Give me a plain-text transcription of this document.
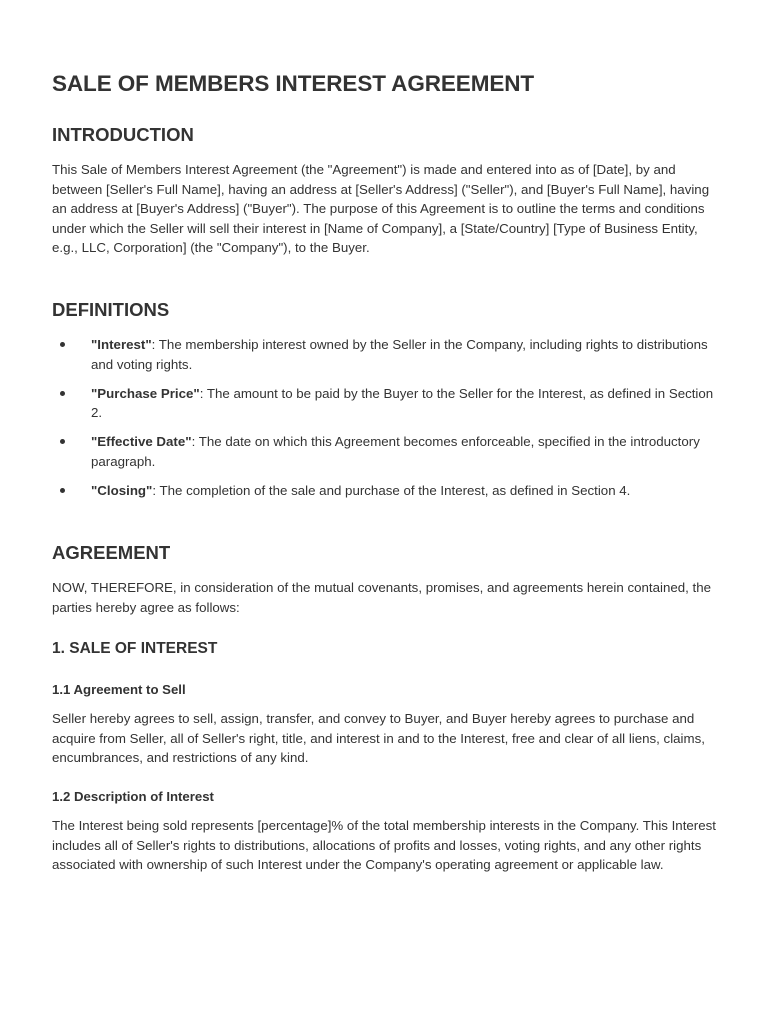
SALE OF MEMBERS INTEREST AGREEMENT
INTRODUCTION

This Sale of Members Interest Agreement (the "Agreement") is made and entered into as of [Date], by and between [Seller's Full Name], having an address at [Seller's Address] ("Seller"), and [Buyer's Full Name], having an address at [Buyer's Address] ("Buyer"). The purpose of this Agreement is to outline the terms and conditions under which the Seller will sell their interest in [Name of Company], a [State/Country] [Type of Business Entity, e.g., LLC, Corporation] (the "Company"), to the Buyer.

DEFINITIONS
"Interest": The membership interest owned by the Seller in the Company, including rights to distributions and voting rights.
"Purchase Price": The amount to be paid by the Buyer to the Seller for the Interest, as defined in Section 2.
"Effective Date": The date on which this Agreement becomes enforceable, specified in the introductory paragraph.
"Closing": The completion of the sale and purchase of the Interest, as defined in Section 4.
AGREEMENT

NOW, THEREFORE, in consideration of the mutual covenants, promises, and agreements herein contained, the parties hereby agree as follows:

1. SALE OF INTEREST
1.1 Agreement to Sell

Seller hereby agrees to sell, assign, transfer, and convey to Buyer, and Buyer hereby agrees to purchase and acquire from Seller, all of Seller's right, title, and interest in and to the Interest, free and clear of all liens, claims, encumbrances, and restrictions of any kind.

1.2 Description of Interest

The Interest being sold represents [percentage]% of the total membership interests in the Company. This Interest includes all of Seller's rights to distributions, allocations of profits and losses, voting rights, and any other rights associated with ownership of such Interest under the Company's operating agreement or applicable law.
